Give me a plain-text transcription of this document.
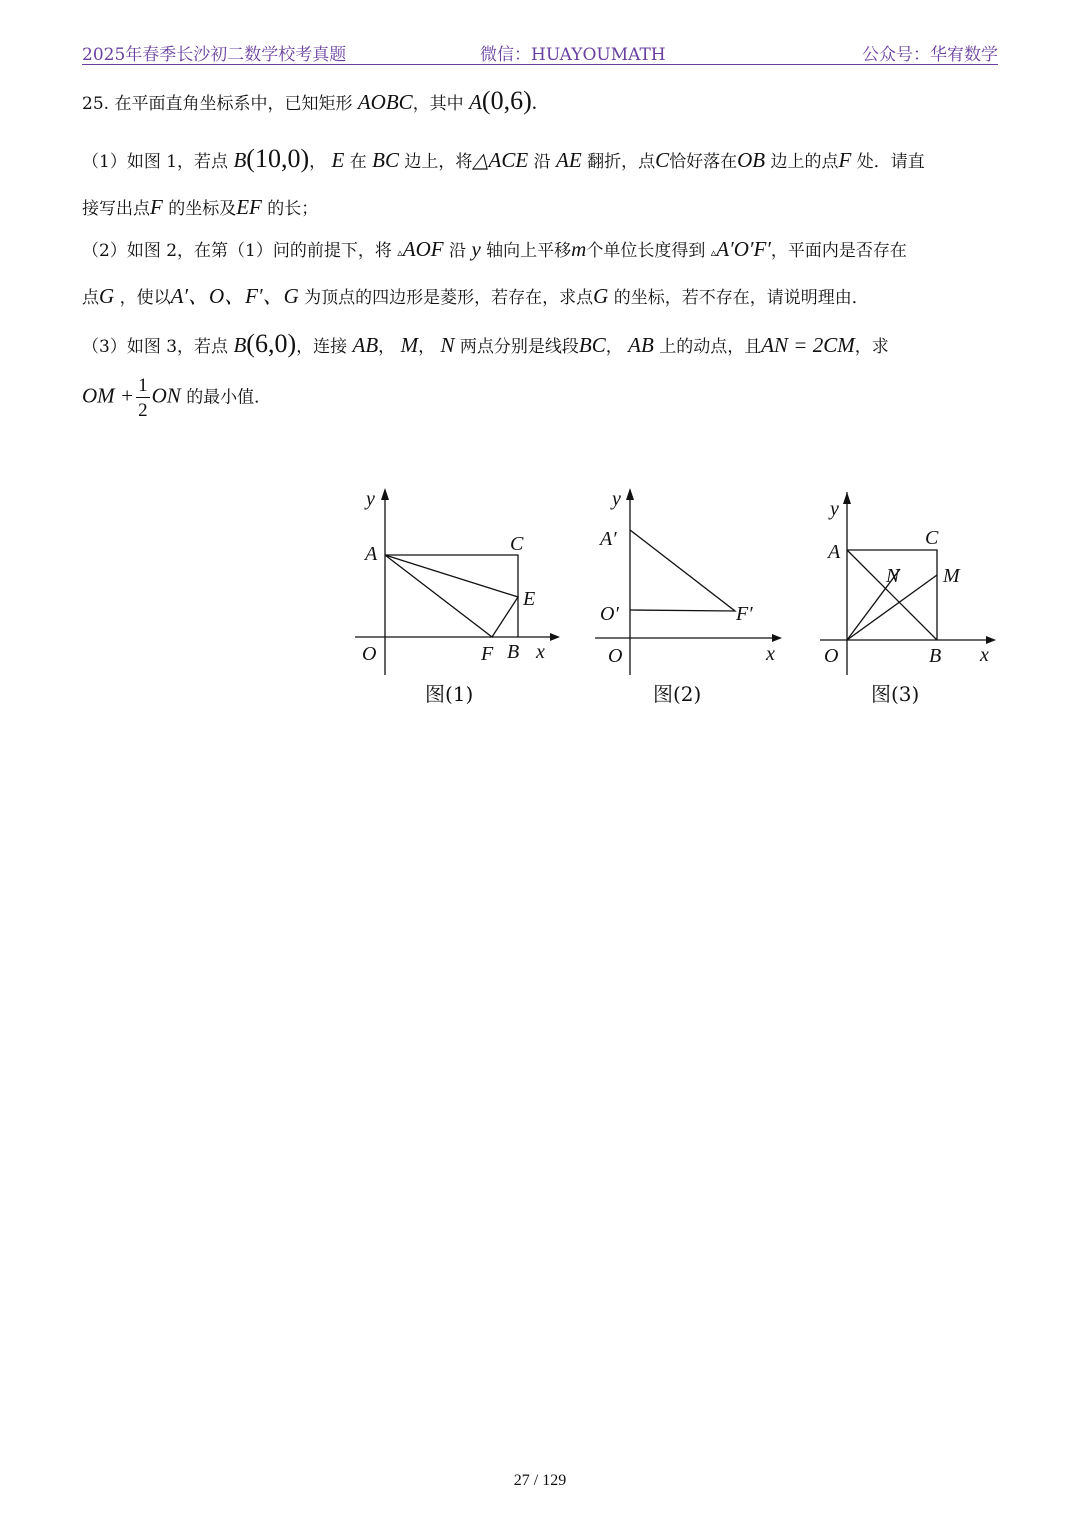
2025年春季长沙初二数学校考真题	微信：HUAYOUMATH	公众号：华宥数学
25. 在平面直角坐标系中，已知矩形 AOBC，其中 A(0,6).
（1）如图 1，若点 B(10,0)， E 在 BC 边上，将△ACE 沿 AE 翻折，点C恰好落在OB 边上的点F 处．请直
接写出点F 的坐标及EF 的长；
（2）如图 2，在第（1）问的前提下，将 ▵AOF 沿 y 轴向上平移m个单位长度得到 ▵A′O′F′，平面内是否存在
点G ，使以A′、O、F′、G 为顶点的四边形是菱形，若存在，求点G 的坐标，若不存在，请说明理由．
（3）如图 3，若点 B(6,0)，连接 AB， M， N 两点分别是线段BC， AB 上的动点，且AN = 2CM，求
OM + $\frac{1}{2}$ ON 的最小值．
y
x
A	C
E
O	F B
图(1)
y
x
A′
O′	F′
O
图(2)
y
x
A
C
N M
O	B
图(3)
27 / 129
